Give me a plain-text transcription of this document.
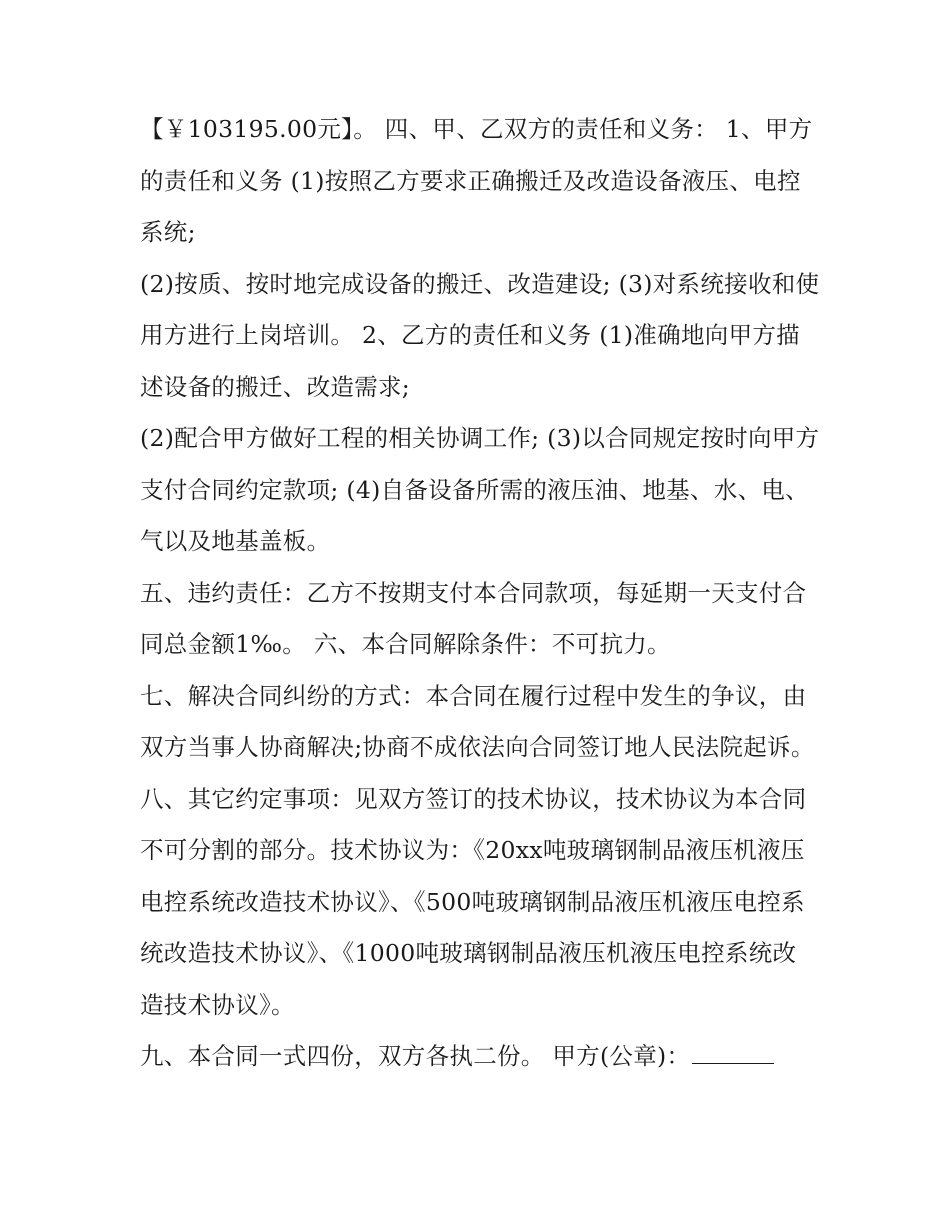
【￥103195.00元】。 四、甲、乙双方的责任和义务： 1、甲方的责任和义务 (1)按照乙方要求正确搬迁及改造设备液压、电控系统;

(2)按质、按时地完成设备的搬迁、改造建设; (3)对系统接收和使用方进行上岗培训。 2、乙方的责任和义务 (1)准确地向甲方描述设备的搬迁、改造需求;

(2)配合甲方做好工程的相关协调工作; (3)以合同规定按时向甲方支付合同约定款项; (4)自备设备所需的液压油、地基、水、电、气以及地基盖板。

五、违约责任：乙方不按期支付本合同款项，每延期一天支付合同总金额1‰。 六、本合同解除条件：不可抗力。

七、解决合同纠纷的方式：本合同在履行过程中发生的争议，由双方当事人协商解决;协商不成依法向合同签订地人民法院起诉。

八、其它约定事项：见双方签订的技术协议，技术协议为本合同不可分割的部分。技术协议为：《20xx吨玻璃钢制品液压机液压电控系统改造技术协议》、《500吨玻璃钢制品液压机液压电控系统改造技术协议》、《1000吨玻璃钢制品液压机液压电控系统改造技术协议》。

九、本合同一式四份，双方各执二份。 甲方(公章)：
